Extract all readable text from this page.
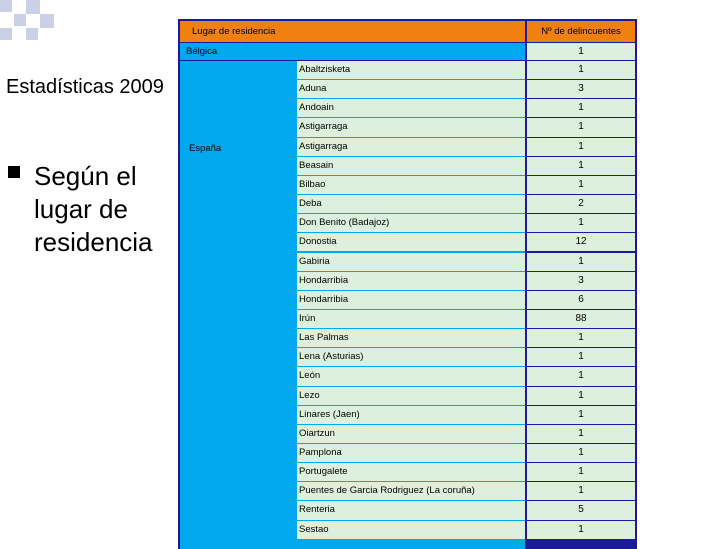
Estadísticas 2009
Según el lugar de residencia
Lugar de residencia	Nº de delincuentes
Bélgica	1
España
Abaltzisketa	1
Aduna	3
Andoain	1
Astigarraga	1
Astigarraga	1
Beasain	1
Bilbao	1
Deba	2
Don Benito (Badajoz)	1
Donostia	12
Gabiria	1
Hondarribia	3
Hondarribia	6
Irún	88
Las Palmas	1
Lena (Asturias)	1
León	1
Lezo	1
Linares (Jaen)	1
Oiartzun	1
Pamplona	1
Portugalete	1
Puentes de Garcia Rodriguez (La coruña)	1
Renteria	5
Sestao	1
